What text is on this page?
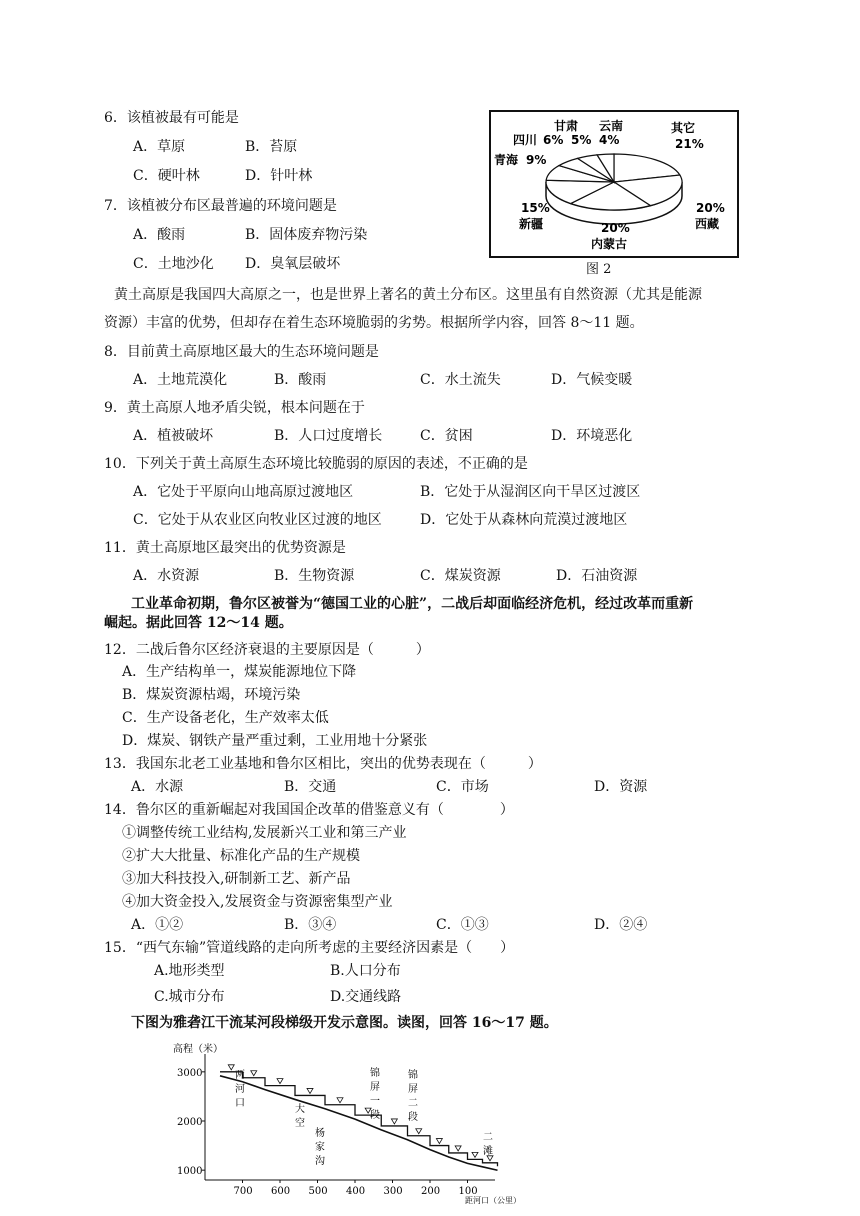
6．该植被最有可能是
A．草原	B．苔原
C．硬叶林	D．针叶林
7．该植被分布区最普遍的环境问题是
A．酸雨	B．固体废弃物污染
C．土地沙化 D．臭氧层破坏
甘肃 云南
5% 4%
四川 6%
青海 9%
其它
21%
20%
西藏
15%
新疆	20%
内蒙古
图 2
黄土高原是我国四大高原之一，也是世界上著名的黄土分布区。这里虽有自然资源（尤其是能源
资源）丰富的优势，但却存在着生态环境脆弱的劣势。根据所学内容，回答 8～11 题。
8．目前黄土高原地区最大的生态环境问题是
A．土地荒漠化	B．酸雨	C．水土流失	D．气候变暖
9．黄土高原人地矛盾尖锐，根本问题在于
A．植被破坏	B．人口过度增长	C．贫困	D．环境恶化
10．下列关于黄土高原生态环境比较脆弱的原因的表述，不正确的是
A．它处于平原向山地高原过渡地区	B．它处于从湿润区向干旱区过渡区
C．它处于从农业区向牧业区过渡的地区	D．它处于从森林向荒漠过渡地区
11．黄土高原地区最突出的优势资源是
A．水资源	B．生物资源	C．煤炭资源	D．石油资源
工业革命初期，鲁尔区被誉为“德国工业的心脏”，二战后却面临经济危机，经过改革而重新
崛起。据此回答 12～14 题。
12．二战后鲁尔区经济衰退的主要原因是（　　　）
A．生产结构单一，煤炭能源地位下降
B．煤炭资源枯竭，环境污染
C．生产设备老化，生产效率太低
D．煤炭、钢铁产量严重过剩，工业用地十分紧张
13．我国东北老工业基地和鲁尔区相比，突出的优势表现在（　　　）
A．水源	B．交通	C．市场	D．资源
14．鲁尔区的重新崛起对我国国企改革的借鉴意义有（　　　　）
①调整传统工业结构,发展新兴工业和第三产业
②扩大大批量、标准化产品的生产规模
③加大科技投入,研制新工艺、新产品
④加大资金投入,发展资金与资源密集型产业
A．①②	B．③④	C．①③	D．②④
15．“西气东输”管道线路的走向所考虑的主要经济因素是（　　）
A.地形类型	B.人口分布
C.城市分布	D.交通线路
下图为雅砻江干流某河段梯级开发示意图。读图，回答 16～17 题。
高程（米）
距河口（公里）
700 600 500 400 300 200 100
3000
2000
1000
两
河
口
大
空
杨
家
沟
锦
屏
一
段
锦
屏
二
段
二
滩
